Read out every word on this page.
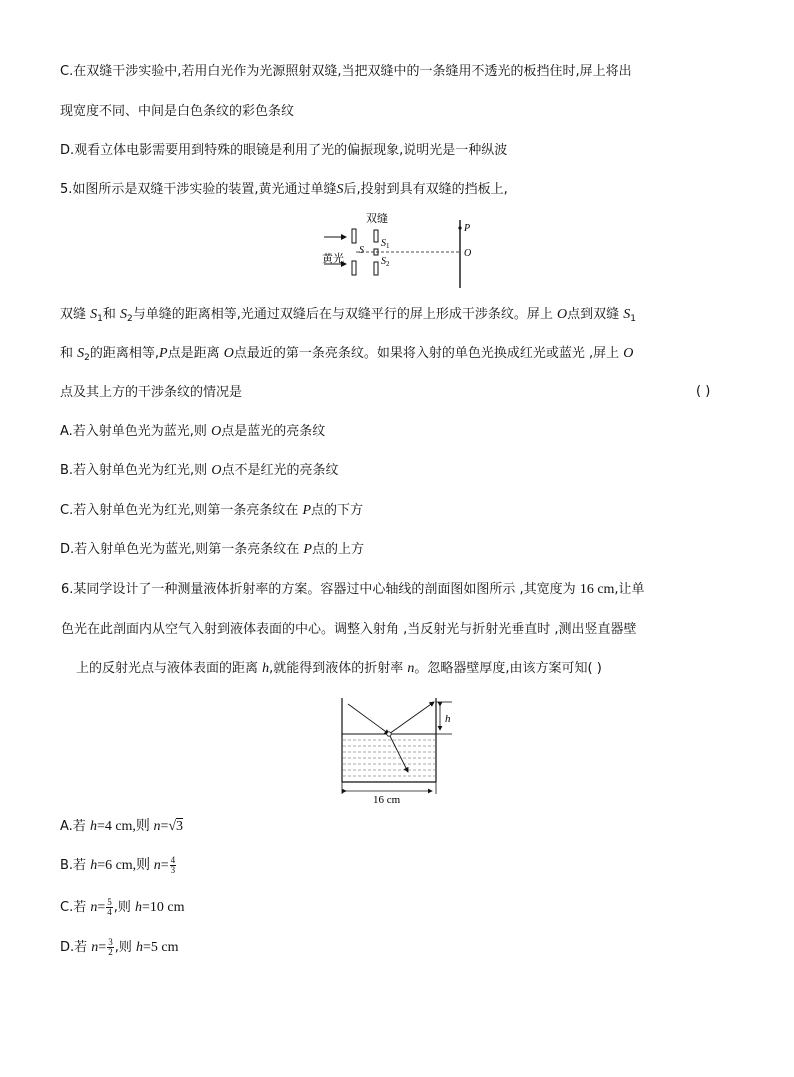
C.在双缝干涉实验中,若用白光作为光源照射双缝,当把双缝中的一条缝用不透光的板挡住时,屏上将出
现宽度不同、中间是白色条纹的彩色条纹
D.观看立体电影需要用到特殊的眼镜是利用了光的偏振现象,说明光是一种纵波
5.如图所示是双缝干涉实验的装置,黄光通过单缝S后,投射到具有双缝的挡板上,
黄光
S
双缝
$S_1$
$S_2$
P
O
双缝 $S_1$和 $S_2$与单缝的距离相等,光通过双缝后在与双缝平行的屏上形成干涉条纹。屏上 O点到双缝 $S_1$
和 $S_2$的距离相等,P点是距离 O点最近的第一条亮条纹。如果将入射的单色光换成红光或蓝光 ,屏上 O
点及其上方的干涉条纹的情况是	( )
A.若入射单色光为蓝光,则 O点是蓝光的亮条纹
B.若入射单色光为红光,则 O点不是红光的亮条纹
C.若入射单色光为红光,则第一条亮条纹在 P点的下方
D.若入射单色光为蓝光,则第一条亮条纹在 P点的上方
6.某同学设计了一种测量液体折射率的方案。容器过中心轴线的剖面图如图所示 ,其宽度为 16 cm,让单
色光在此剖面内从空气入射到液体表面的中心。调整入射角 ,当反射光与折射光垂直时 ,测出竖直器壁
上的反射光点与液体表面的距离 h,就能得到液体的折射率 n。忽略器壁厚度,由该方案可知( )
h
16 cm
A.若 h=4 cm,则 n=√3
B.若 h=6 cm,则 $n= \frac{4}{3}$
C.若 $n= \frac{5}{4}$ ,则 h=10 cm
D.若 $n= \frac{3}{2}$ ,则 h=5 cm
